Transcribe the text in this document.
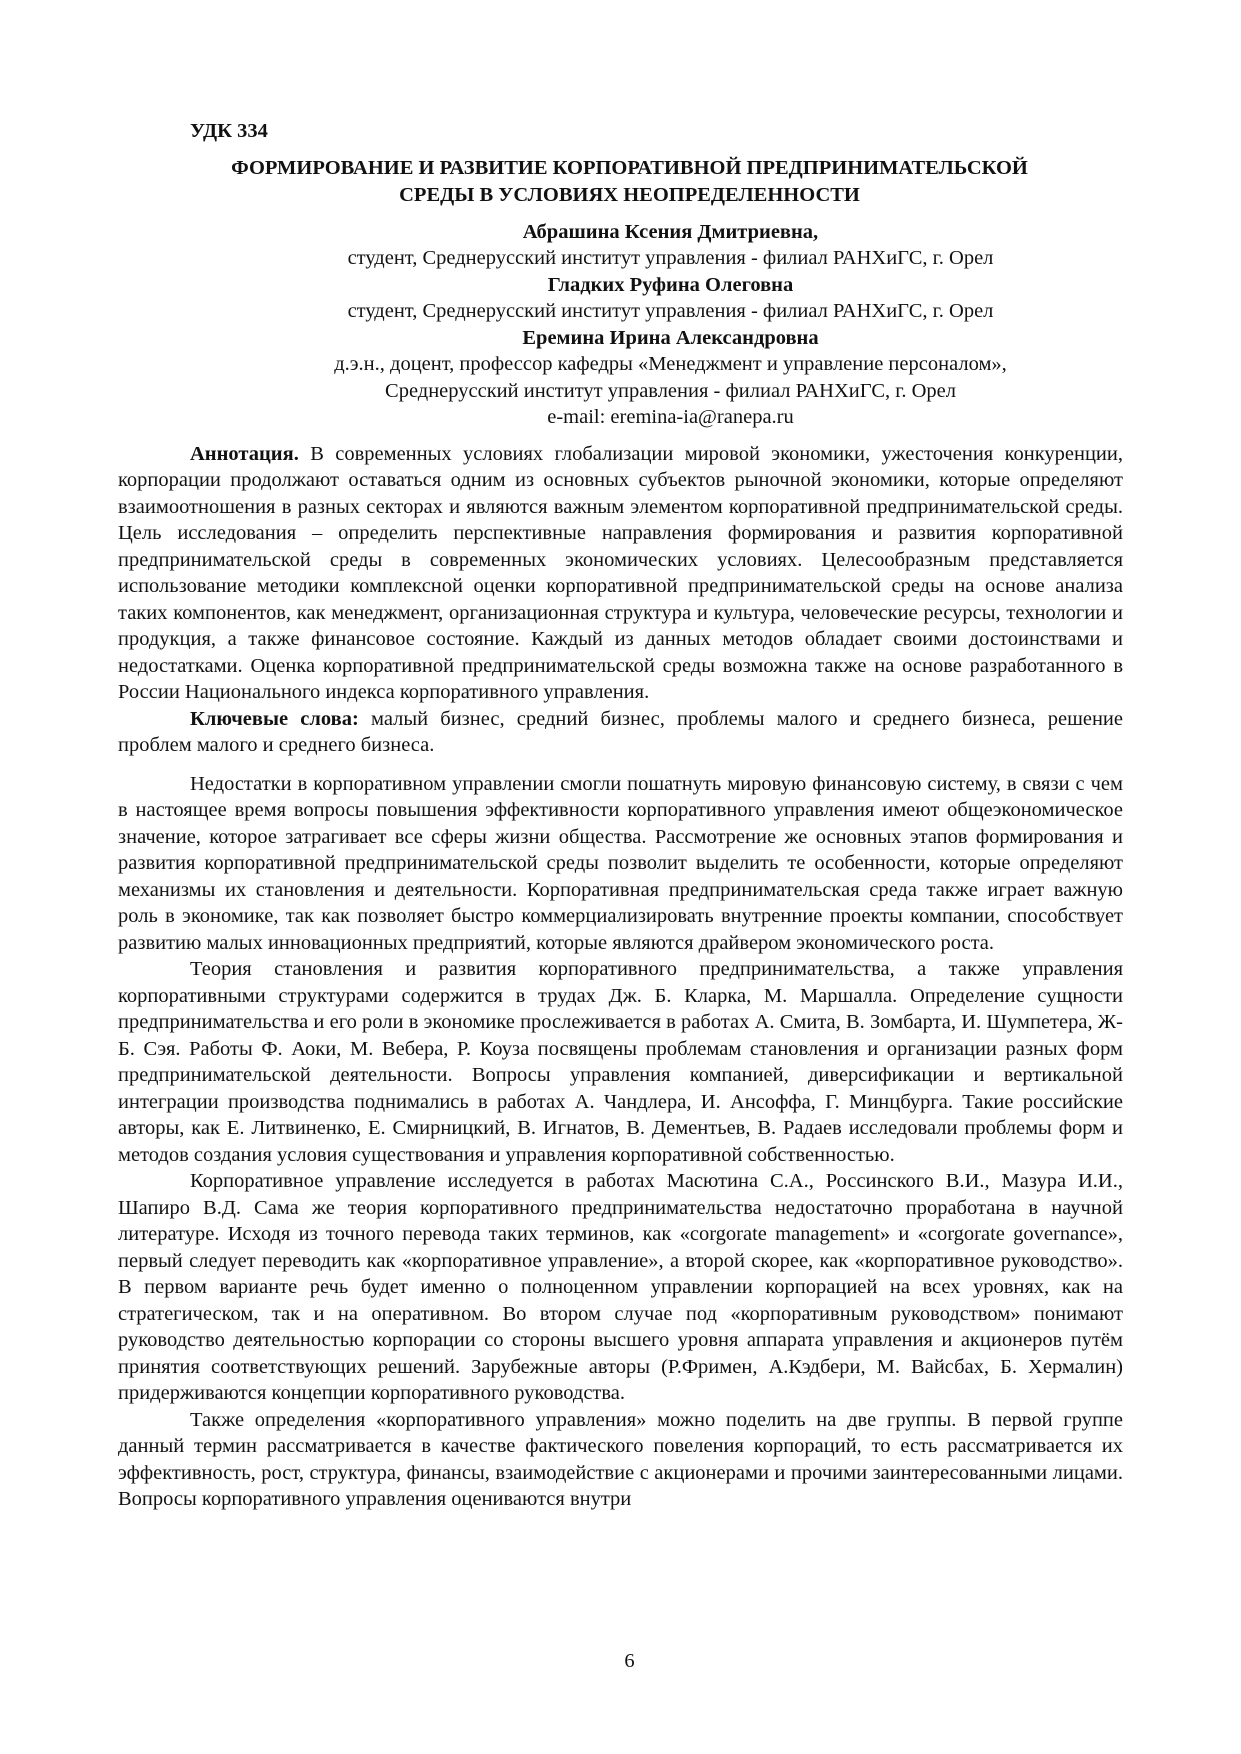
УДК 334
ФОРМИРОВАНИЕ И РАЗВИТИЕ КОРПОРАТИВНОЙ ПРЕДПРИНИМАТЕЛЬСКОЙ
СРЕДЫ В УСЛОВИЯХ НЕОПРЕДЕЛЕННОСТИ
Абрашина Ксения Дмитриевна,
студент, Среднерусский институт управления - филиал РАНХиГС, г. Орел
Гладких Руфина Олеговна
студент, Среднерусский институт управления - филиал РАНХиГС, г. Орел
Еремина Ирина Александровна
д.э.н., доцент, профессор кафедры «Менеджмент и управление персоналом»,
Среднерусский институт управления - филиал РАНХиГС, г. Орел
e-mail: eremina-ia@ranepa.ru

Аннотация. В современных условиях глобализации мировой экономики, ужесточения конкуренции, корпорации продолжают оставаться одним из основных субъектов рыночной экономики, которые определяют взаимоотношения в разных секторах и являются важным элементом корпоративной предпринимательской среды. Цель исследования – определить перспективные направления формирования и развития корпоративной предпринимательской среды в современных экономических условиях. Целесообразным представляется использование методики комплексной оценки корпоративной предпринимательской среды на основе анализа таких компонентов, как менеджмент, организационная структура и культура, человеческие ресурсы, технологии и продукция, а также финансовое состояние. Каждый из данных методов обладает своими достоинствами и недостатками. Оценка корпоративной предпринимательской среды возможна также на основе разработанного в России Национального индекса корпоративного управления.

Ключевые слова: малый бизнес, средний бизнес, проблемы малого и среднего бизнеса, решение проблем малого и среднего бизнеса.

Недостатки в корпоративном управлении смогли пошатнуть мировую финансовую систему, в связи с чем в настоящее время вопросы повышения эффективности корпоративного управления имеют общеэкономическое значение, которое затрагивает все сферы жизни общества. Рассмотрение же основных этапов формирования и развития корпоративной предпринимательской среды позволит выделить те особенности, которые определяют механизмы их становления и деятельности. Корпоративная предпринимательская среда также играет важную роль в экономике, так как позволяет быстро коммерциализировать внутренние проекты компании, способствует развитию малых инновационных предприятий, которые являются драйвером экономического роста.

Теория становления и развития корпоративного предпринимательства, а также управления корпоративными структурами содержится в трудах Дж. Б. Кларка, М. Маршалла. Определение сущности предпринимательства и его роли в экономике прослеживается в работах А. Смита, В. Зомбарта, И. Шумпетера, Ж-Б. Сэя. Работы Ф. Аоки, М. Вебера, Р. Коуза посвящены проблемам становления и организации разных форм предпринимательской деятельности. Вопросы управления компанией, диверсификации и вертикальной интеграции производства поднимались в работах А. Чандлера, И. Ансоффа, Г. Минцбурга. Такие российские авторы, как Е. Литвиненко, Е. Смирницкий, В. Игнатов, В. Дементьев, В. Радаев исследовали проблемы форм и методов создания условия существования и управления корпоративной собственностью.

Корпоративное управление исследуется в работах Масютина С.А., Россинского В.И., Мазура И.И., Шапиро В.Д. Сама же теория корпоративного предпринимательства недостаточно проработана в научной литературе. Исходя из точного перевода таких терминов, как «corgorate management» и «corgorate governance», первый следует переводить как «корпоративное управление», а второй скорее, как «корпоративное руководство». В первом варианте речь будет именно о полноценном управлении корпорацией на всех уровнях, как на стратегическом, так и на оперативном. Во втором случае под «корпоративным руководством» понимают руководство деятельностью корпорации со стороны высшего уровня аппарата управления и акционеров путём принятия соответствующих решений. Зарубежные авторы (Р.Фримен, А.Кэдбери, М. Вайсбах, Б. Хермалин) придерживаются концепции корпоративного руководства.

Также определения «корпоративного управления» можно поделить на две группы. В первой группе данный термин рассматривается в качестве фактического повеления корпораций, то есть рассматривается их эффективность, рост, структура, финансы, взаимодействие с акционерами и прочими заинтересованными лицами. Вопросы корпоративного управления оцениваются внутри

6
